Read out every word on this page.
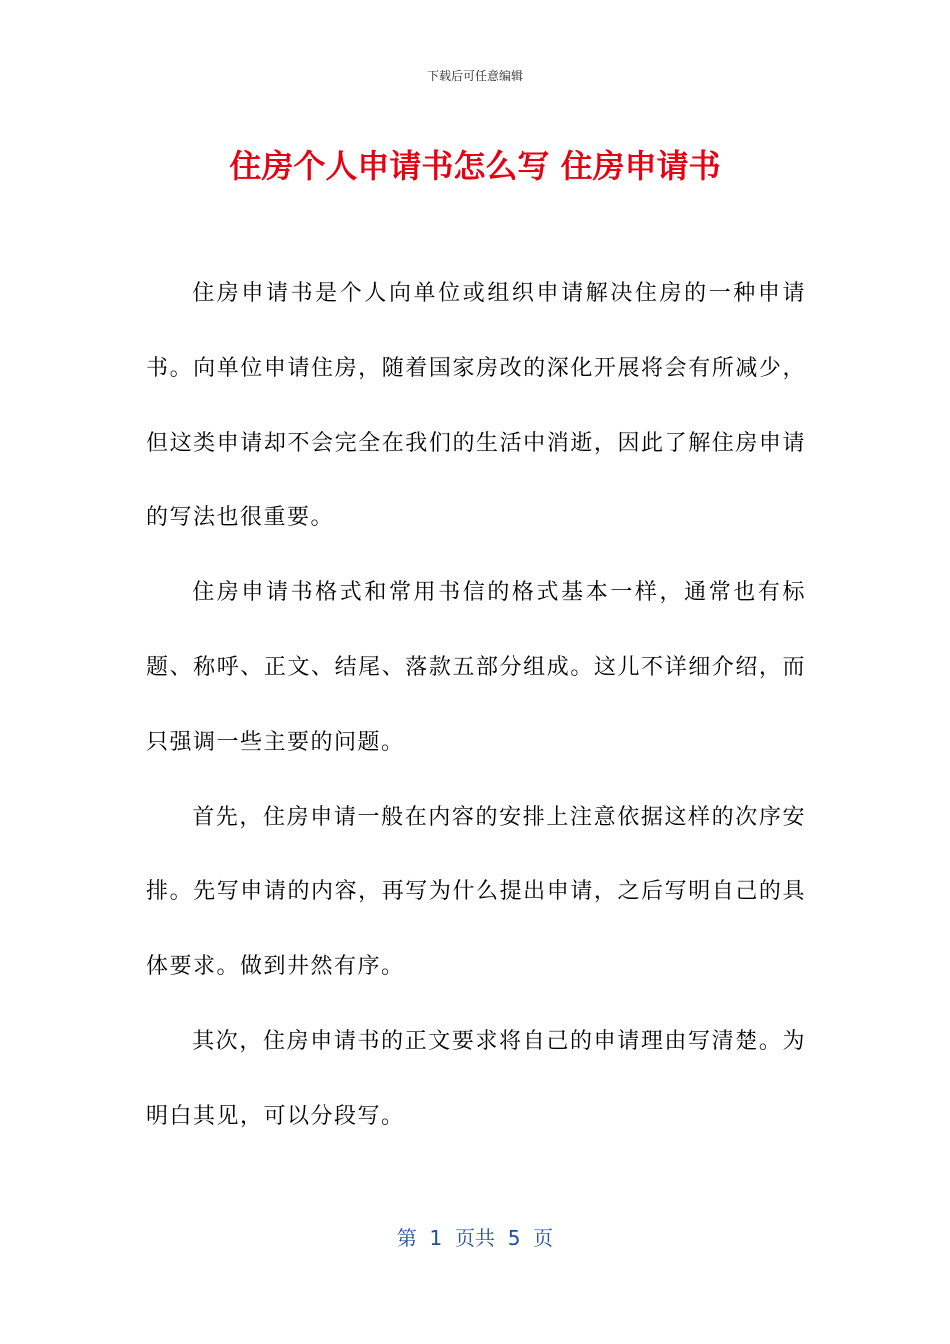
下载后可任意编辑
住房个人申请书怎么写 住房申请书

住房申请书是个人向单位或组织申请解决住房的一种申请书。向单位申请住房，随着国家房改的深化开展将会有所减少，但这类申请却不会完全在我们的生活中消逝，因此了解住房申请的写法也很重要。

住房申请书格式和常用书信的格式基本一样，通常也有标题、称呼、正文、结尾、落款五部分组成。这儿不详细介绍，而只强调一些主要的问题。

首先，住房申请一般在内容的安排上注意依据这样的次序安排。先写申请的内容，再写为什么提出申请，之后写明自己的具体要求。做到井然有序。

其次，住房申请书的正文要求将自己的申请理由写清楚。为明白其见，可以分段写。

第  1  页共  5  页
